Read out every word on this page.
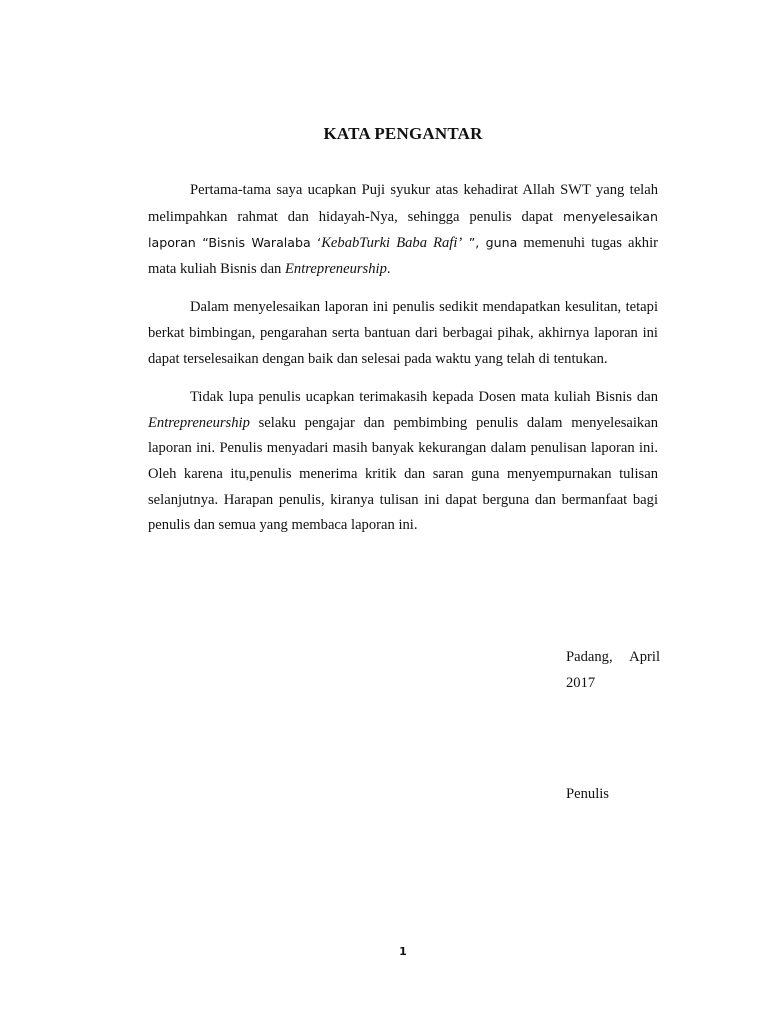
KATA PENGANTAR

Pertama-tama saya ucapkan Puji syukur atas kehadirat Allah SWT yang telah melimpahkan rahmat dan hidayah-Nya, sehingga penulis dapat menyelesaikan laporan “Bisnis Waralaba ‘KebabTurki Baba Rafi’ ”, guna memenuhi tugas akhir mata kuliah Bisnis dan Entrepreneurship.

Dalam menyelesaikan laporan ini penulis sedikit mendapatkan kesulitan, tetapi berkat bimbingan, pengarahan serta bantuan dari berbagai pihak, akhirnya laporan ini dapat terselesaikan dengan baik dan selesai pada waktu yang telah di tentukan.

Tidak lupa penulis ucapkan terimakasih kepada Dosen mata kuliah Bisnis dan Entrepreneurship selaku pengajar dan pembimbing penulis dalam menyelesaikan laporan ini. Penulis menyadari masih banyak kekurangan dalam penulisan laporan ini. Oleh karena itu,penulis menerima kritik dan saran guna menyempurnakan tulisan selanjutnya. Harapan penulis, kiranya tulisan ini dapat berguna dan bermanfaat bagi penulis dan semua yang membaca laporan ini.

Padang, April
2017
Penulis
1
